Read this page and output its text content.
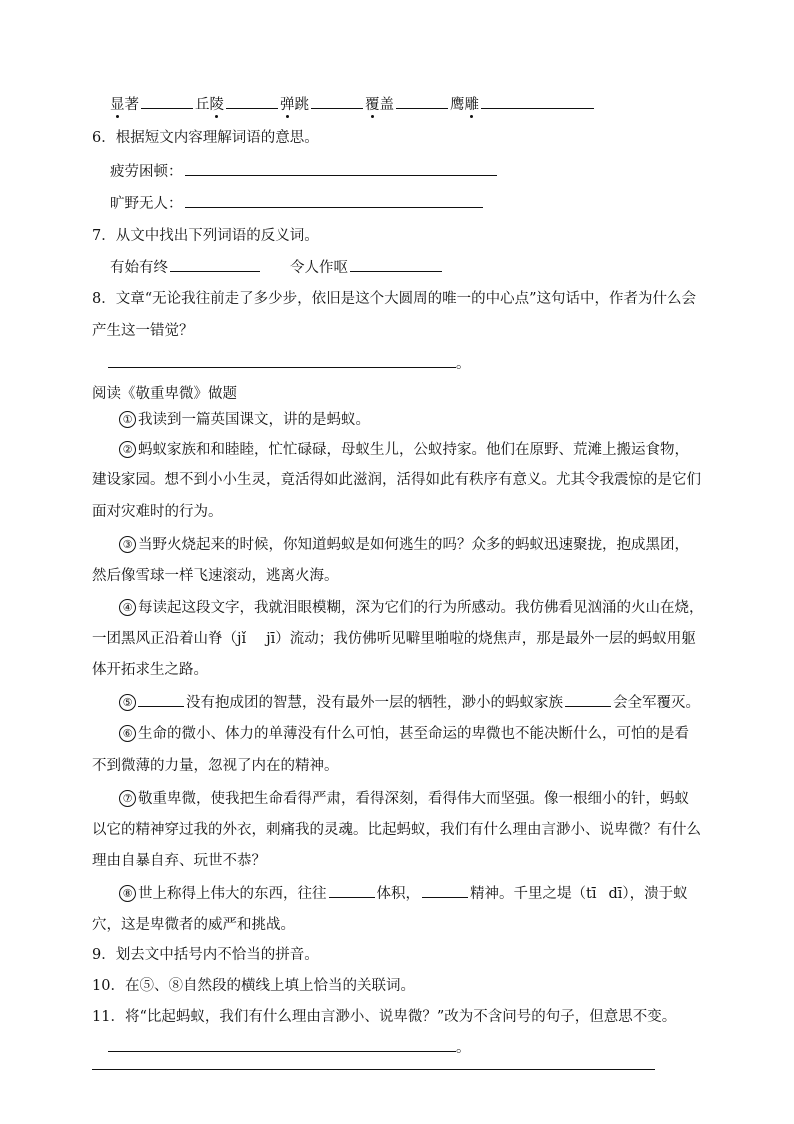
显著	丘陵	弹跳	覆盖	鹰雕
6．根据短文内容理解词语的意思。
疲劳困顿：
旷野无人：
7．从文中找出下列词语的反义词。
有始有终	令人作呕
8．文章“无论我往前走了多少步，依旧是这个大圆周的唯一的中心点”这句话中，作者为什么会
产生这一错觉？
。
阅读《敬重卑微》做题
① 我读到一篇英国课文，讲的是蚂蚁。
② 蚂蚁家族和和睦睦，忙忙碌碌，母蚁生儿，公蚁持家。他们在原野、荒滩上搬运食物，
建设家园。想不到小小生灵，竟活得如此滋润，活得如此有秩序有意义。尤其令我震惊的是它们
面对灾难时的行为。
③ 当野火烧起来的时候，你知道蚂蚁是如何逃生的吗？众多的蚂蚁迅速聚拢，抱成黑团，
然后像雪球一样飞速滚动，逃离火海。
④ 每读起这段文字，我就泪眼模糊，深为它们的行为所感动。我仿佛看见汹涌的火山在烧，
一团黑风正沿着山脊（jǐ jī）流动；我仿佛听见噼里啪啦的烧焦声，那是最外一层的蚂蚁用躯
体开拓求生之路。
⑤	没有抱成团的智慧，没有最外一层的牺牲，渺小的蚂蚁家族	会全军覆灭。
⑥ 生命的微小、体力的单薄没有什么可怕，甚至命运的卑微也不能决断什么，可怕的是看
不到微薄的力量，忽视了内在的精神。
⑦ 敬重卑微，使我把生命看得严肃，看得深刻，看得伟大而坚强。像一根细小的针，蚂蚁
以它的精神穿过我的外衣，刺痛我的灵魂。比起蚂蚁，我们有什么理由言渺小、说卑微？有什么
理由自暴自弃、玩世不恭？
⑧ 世上称得上伟大的东西，往往	体积，	精神。千里之堤（tī dī），溃于蚁
穴，这是卑微者的威严和挑战。
9．划去文中括号内不恰当的拼音。
10．在⑤、⑧自然段的横线上填上恰当的关联词。
11．将“比起蚂蚁，我们有什么理由言渺小、说卑微？”改为不含问号的句子，但意思不变。
。
